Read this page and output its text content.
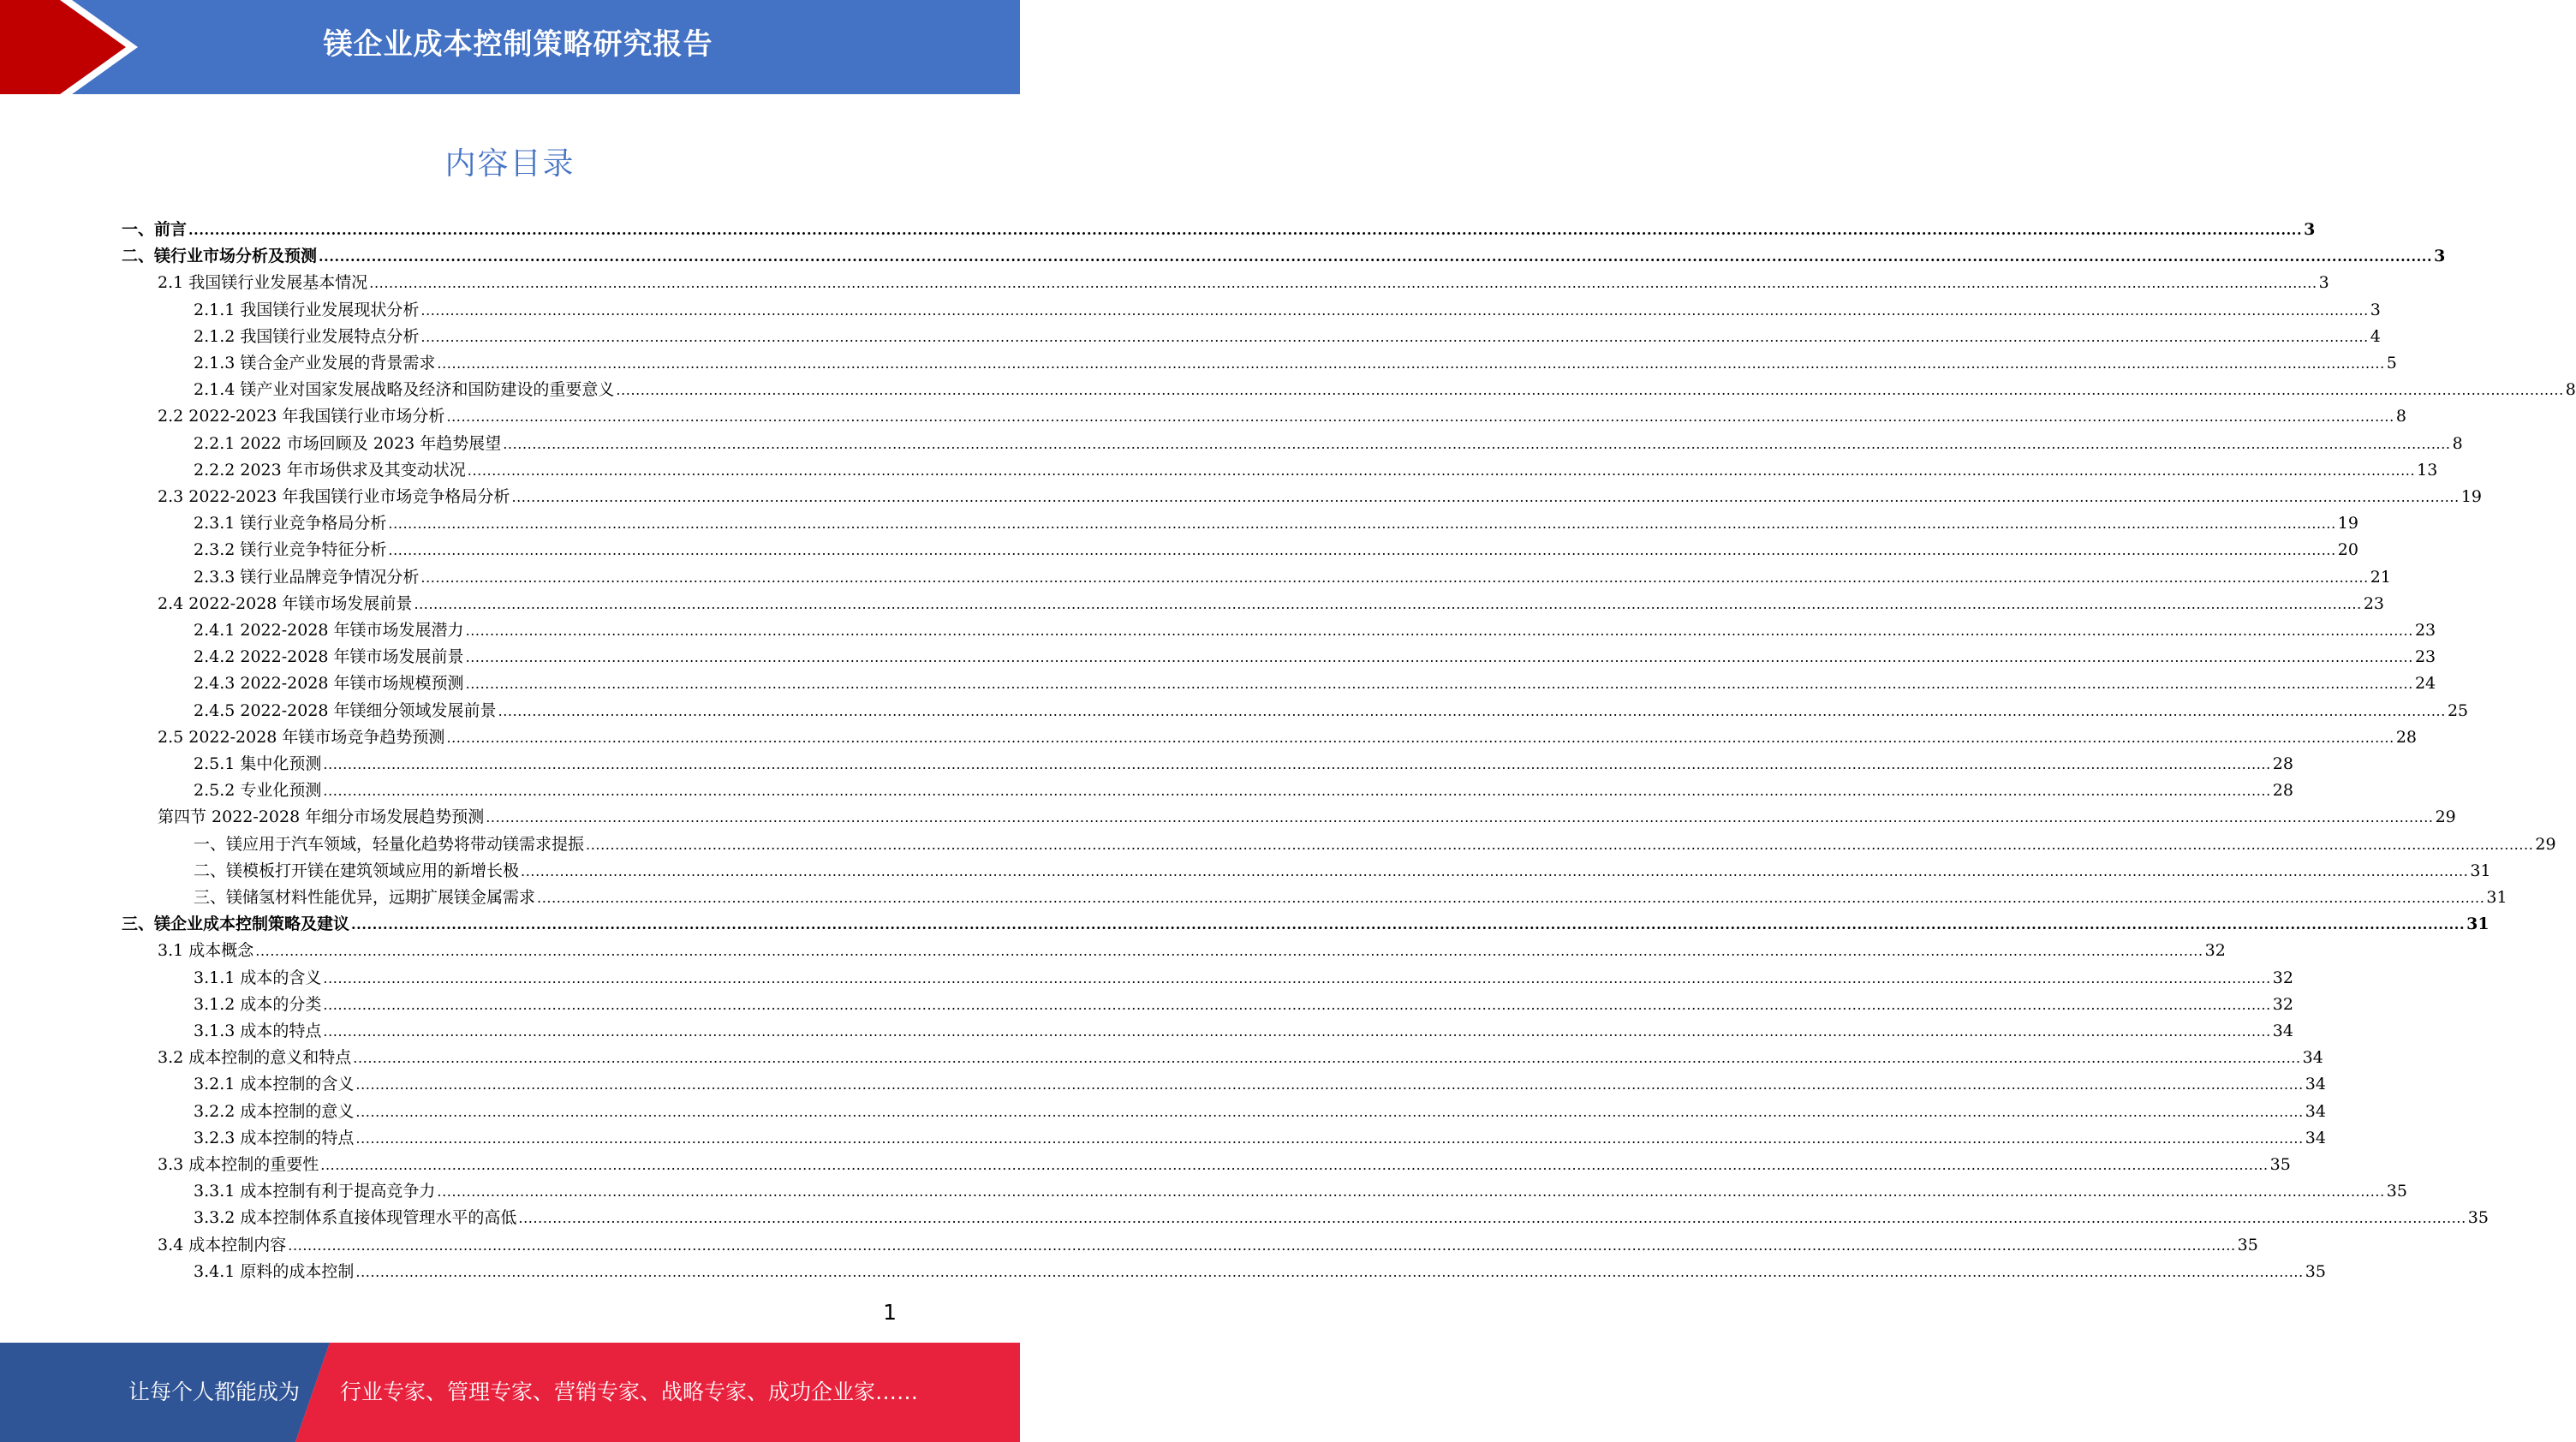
镁企业成本控制策略研究报告
内容目录
一、前言 ................................................................................................................................................................................................................................................................................................................................................................................................................ 3
二、镁行业市场分析及预测 ................................................................................................................................................................................................................................................................................................................................................................................................................ 3
2.1 我国镁行业发展基本情况 ................................................................................................................................................................................................................................................................................................................................................................................................................ 3
2.1.1 我国镁行业发展现状分析 ................................................................................................................................................................................................................................................................................................................................................................................................................ 3
2.1.2 我国镁行业发展特点分析 ................................................................................................................................................................................................................................................................................................................................................................................................................ 4
2.1.3 镁合金产业发展的背景需求 ................................................................................................................................................................................................................................................................................................................................................................................................................ 5
2.1.4 镁产业对国家发展战略及经济和国防建设的重要意义 ................................................................................................................................................................................................................................................................................................................................................................................................................ 8
2.2 2022-2023 年我国镁行业市场分析 ................................................................................................................................................................................................................................................................................................................................................................................................................ 8
2.2.1 2022 市场回顾及 2023 年趋势展望 ................................................................................................................................................................................................................................................................................................................................................................................................................ 8
2.2.2 2023 年市场供求及其变动状况 ................................................................................................................................................................................................................................................................................................................................................................................................................ 13
2.3 2022-2023 年我国镁行业市场竞争格局分析 ................................................................................................................................................................................................................................................................................................................................................................................................................ 19
2.3.1 镁行业竞争格局分析 ................................................................................................................................................................................................................................................................................................................................................................................................................ 19
2.3.2 镁行业竞争特征分析 ................................................................................................................................................................................................................................................................................................................................................................................................................ 20
2.3.3 镁行业品牌竞争情况分析 ................................................................................................................................................................................................................................................................................................................................................................................................................ 21
2.4 2022-2028 年镁市场发展前景 ................................................................................................................................................................................................................................................................................................................................................................................................................ 23
2.4.1 2022-2028 年镁市场发展潜力 ................................................................................................................................................................................................................................................................................................................................................................................................................ 23
2.4.2 2022-2028 年镁市场发展前景 ................................................................................................................................................................................................................................................................................................................................................................................................................ 23
2.4.3 2022-2028 年镁市场规模预测 ................................................................................................................................................................................................................................................................................................................................................................................................................ 24
2.4.5 2022-2028 年镁细分领域发展前景 ................................................................................................................................................................................................................................................................................................................................................................................................................ 25
2.5 2022-2028 年镁市场竞争趋势预测 ................................................................................................................................................................................................................................................................................................................................................................................................................ 28
2.5.1 集中化预测 ................................................................................................................................................................................................................................................................................................................................................................................................................ 28
2.5.2 专业化预测 ................................................................................................................................................................................................................................................................................................................................................................................................................ 28
第四节 2022-2028 年细分市场发展趋势预测 ................................................................................................................................................................................................................................................................................................................................................................................................................ 29
一、镁应用于汽车领域，轻量化趋势将带动镁需求提振 ................................................................................................................................................................................................................................................................................................................................................................................................................ 29
二、镁模板打开镁在建筑领域应用的新增长极 ................................................................................................................................................................................................................................................................................................................................................................................................................ 31
三、镁储氢材料性能优异，远期扩展镁金属需求 ................................................................................................................................................................................................................................................................................................................................................................................................................ 31
三、镁企业成本控制策略及建议 ................................................................................................................................................................................................................................................................................................................................................................................................................ 31
3.1 成本概念 ................................................................................................................................................................................................................................................................................................................................................................................................................ 32
3.1.1 成本的含义 ................................................................................................................................................................................................................................................................................................................................................................................................................ 32
3.1.2 成本的分类 ................................................................................................................................................................................................................................................................................................................................................................................................................ 32
3.1.3 成本的特点 ................................................................................................................................................................................................................................................................................................................................................................................................................ 34
3.2 成本控制的意义和特点 ................................................................................................................................................................................................................................................................................................................................................................................................................ 34
3.2.1 成本控制的含义 ................................................................................................................................................................................................................................................................................................................................................................................................................ 34
3.2.2 成本控制的意义 ................................................................................................................................................................................................................................................................................................................................................................................................................ 34
3.2.3 成本控制的特点 ................................................................................................................................................................................................................................................................................................................................................................................................................ 34
3.3 成本控制的重要性 ................................................................................................................................................................................................................................................................................................................................................................................................................ 35
3.3.1 成本控制有利于提高竞争力 ................................................................................................................................................................................................................................................................................................................................................................................................................ 35
3.3.2 成本控制体系直接体现管理水平的高低 ................................................................................................................................................................................................................................................................................................................................................................................................................ 35
3.4 成本控制内容 ................................................................................................................................................................................................................................................................................................................................................................................................................ 35
3.4.1 原料的成本控制 ................................................................................................................................................................................................................................................................................................................................................................................................................ 35
1
让每个人都能成为 行业专家、管理专家、营销专家、战略专家、成功企业家……
